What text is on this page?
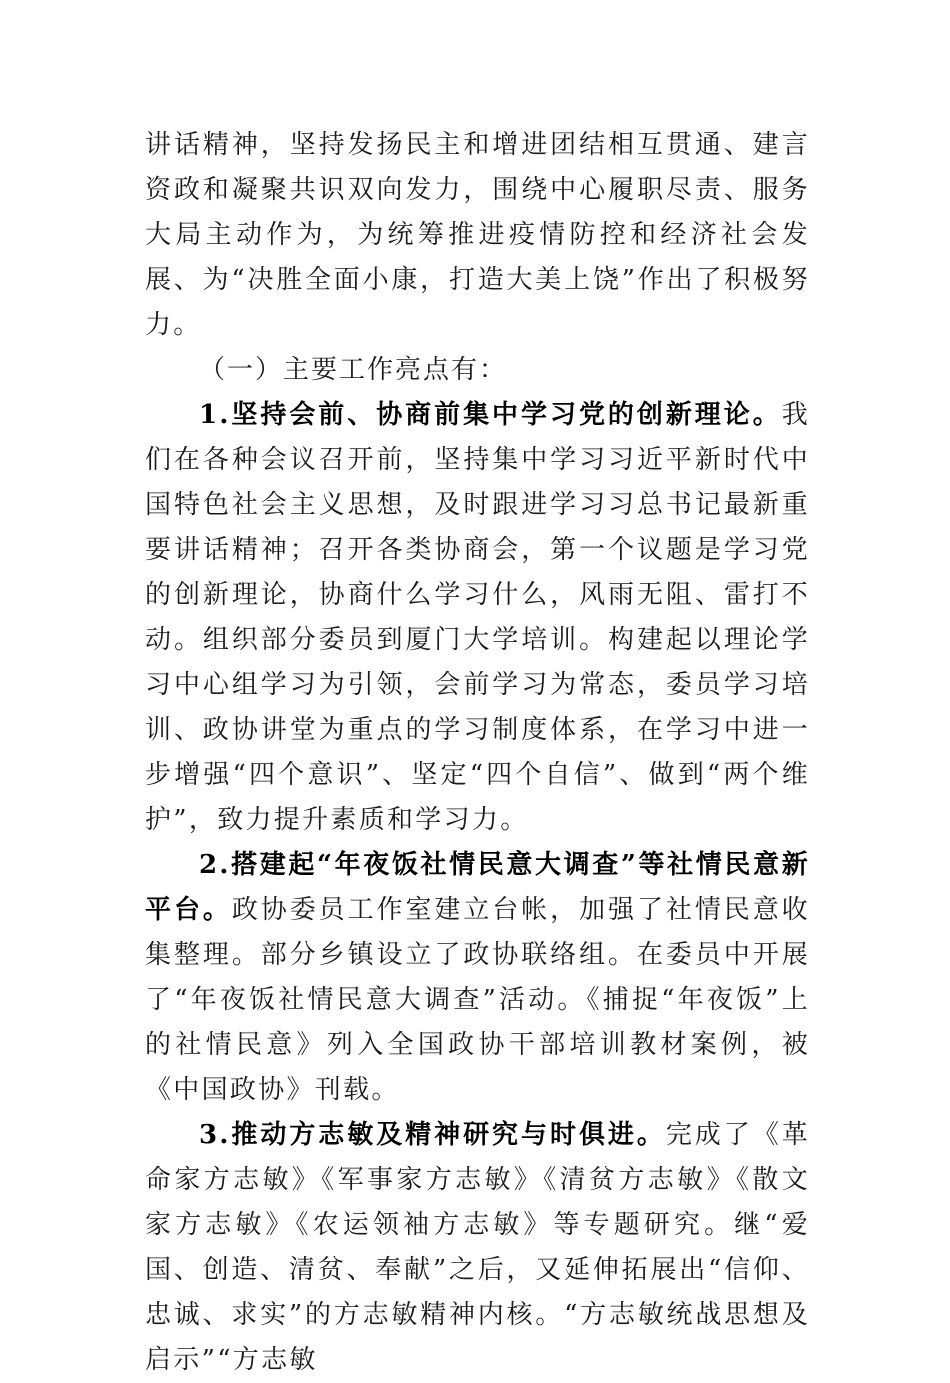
讲话精神，坚持发扬民主和增进团结相互贯通、建言资政和凝聚共识双向发力，围绕中心履职尽责、服务大局主动作为，为统筹推进疫情防控和经济社会发展、为“决胜全面小康，打造大美上饶”作出了积极努力。

（一）主要工作亮点有：

1.坚持会前、协商前集中学习党的创新理论。我们在各种会议召开前，坚持集中学习习近平新时代中国特色社会主义思想，及时跟进学习习总书记最新重要讲话精神；召开各类协商会，第一个议题是学习党的创新理论，协商什么学习什么，风雨无阻、雷打不动。组织部分委员到厦门大学培训。构建起以理论学习中心组学习为引领，会前学习为常态，委员学习培训、政协讲堂为重点的学习制度体系，在学习中进一步增强“四个意识”、坚定“四个自信”、做到“两个维护”，致力提升素质和学习力。

2.搭建起“年夜饭社情民意大调查”等社情民意新平台。政协委员工作室建立台帐，加强了社情民意收集整理。部分乡镇设立了政协联络组。在委员中开展了“年夜饭社情民意大调查”活动。《捕捉“年夜饭”上的社情民意》列入全国政协干部培训教材案例，被《中国政协》刊载。

3.推动方志敏及精神研究与时俱进。完成了《革命家方志敏》《军事家方志敏》《清贫方志敏》《散文家方志敏》《农运领袖方志敏》等专题研究。继“爱国、创造、清贫、奉献”之后，又延伸拓展出“信仰、忠诚、求实”的方志敏精神内核。“方志敏统战思想及启示”“方志敏
